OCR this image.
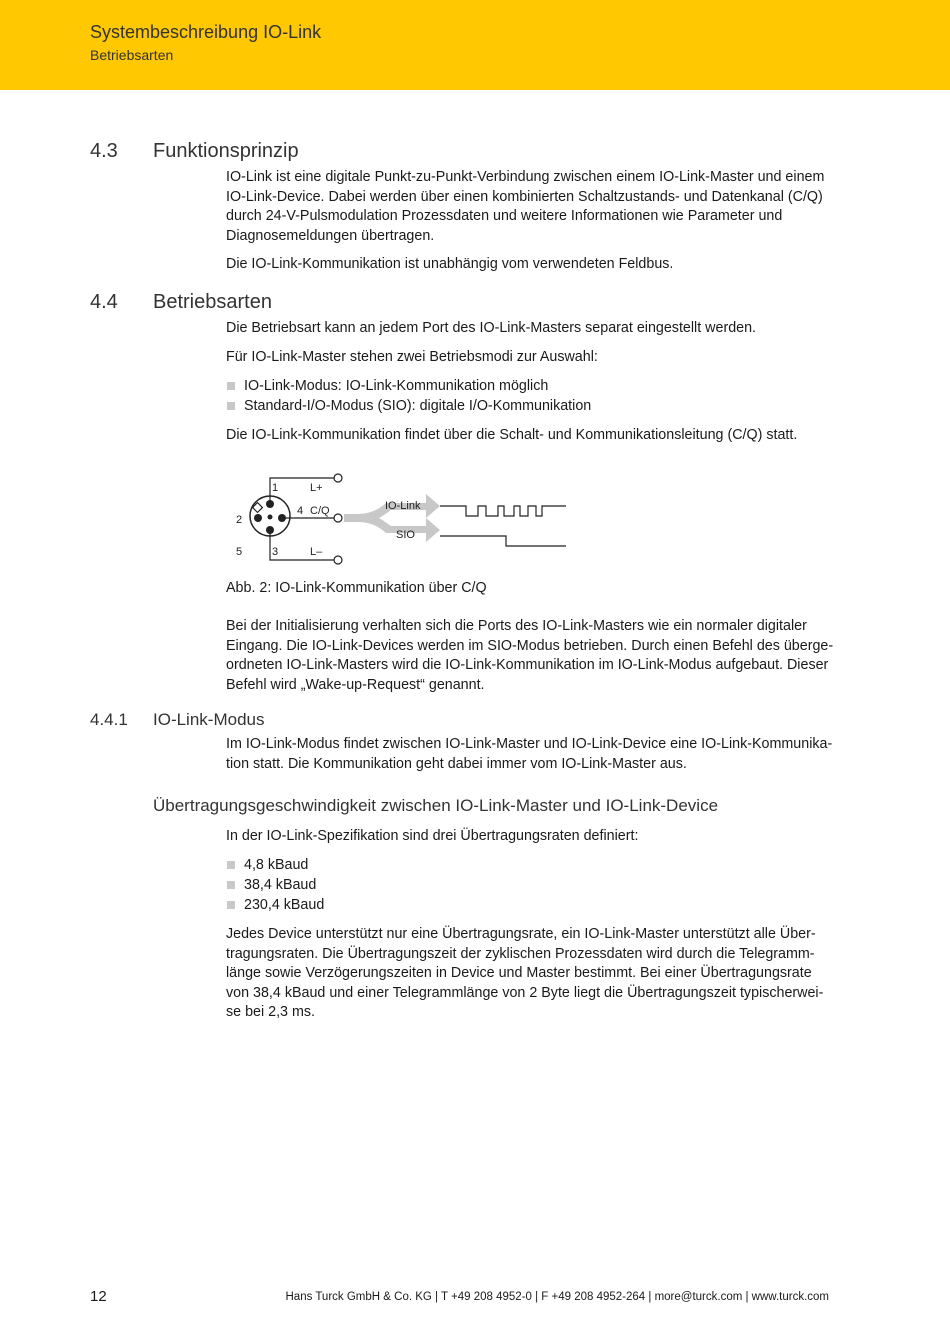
Systembeschreibung IO-Link
Betriebsarten
4.3 Funktionsprinzip
IO-Link ist eine digitale Punkt-zu-Punkt-Verbindung zwischen einem IO-Link-Master und einem
IO-Link-Device. Dabei werden über einen kombinierten Schaltzustands- und Datenkanal (C/Q)
durch 24-V-Pulsmodulation Prozessdaten und weitere Informationen wie Parameter und
Diagnosemeldungen übertragen.
Die IO-Link-Kommunikation ist unabhängig vom verwendeten Feldbus.
4.4 Betriebsarten
Die Betriebsart kann an jedem Port des IO-Link-Masters separat eingestellt werden.
Für IO-Link-Master stehen zwei Betriebsmodi zur Auswahl:
IO-Link-Modus: IO-Link-Kommunikation möglich
Standard-I/O-Modus (SIO): digitale I/O-Kommunikation
Die IO-Link-Kommunikation findet über die Schalt- und Kommunikationsleitung (C/Q) statt.
1
2
3
4
5
L+
C/Q
L–
IO-Link
SIO
Abb. 2: IO-Link-Kommunikation über C/Q
Bei der Initialisierung verhalten sich die Ports des IO-Link-Masters wie ein normaler digitaler
Eingang. Die IO-Link-Devices werden im SIO-Modus betrieben. Durch einen Befehl des überge-
ordneten IO-Link-Masters wird die IO-Link-Kommunikation im IO-Link-Modus aufgebaut. Dieser
Befehl wird „Wake-up-Request“ genannt.
4.4.1 IO-Link-Modus
Im IO-Link-Modus findet zwischen IO-Link-Master und IO-Link-Device eine IO-Link-Kommunika-
tion statt. Die Kommunikation geht dabei immer vom IO-Link-Master aus.
Übertragungsgeschwindigkeit zwischen IO-Link-Master und IO-Link-Device
In der IO-Link-Spezifikation sind drei Übertragungsraten definiert:
4,8 kBaud
38,4 kBaud
230,4 kBaud
Jedes Device unterstützt nur eine Übertragungsrate, ein IO-Link-Master unterstützt alle Über-
tragungsraten. Die Übertragungszeit der zyklischen Prozessdaten wird durch die Telegramm-
länge sowie Verzögerungszeiten in Device und Master bestimmt. Bei einer Übertragungsrate
von 38,4 kBaud und einer Telegrammlänge von 2 Byte liegt die Übertragungszeit typischerwei-
se bei 2,3 ms.
12	Hans Turck GmbH & Co. KG | T +49 208 4952-0 | F +49 208 4952-264 | more@turck.com | www.turck.com
